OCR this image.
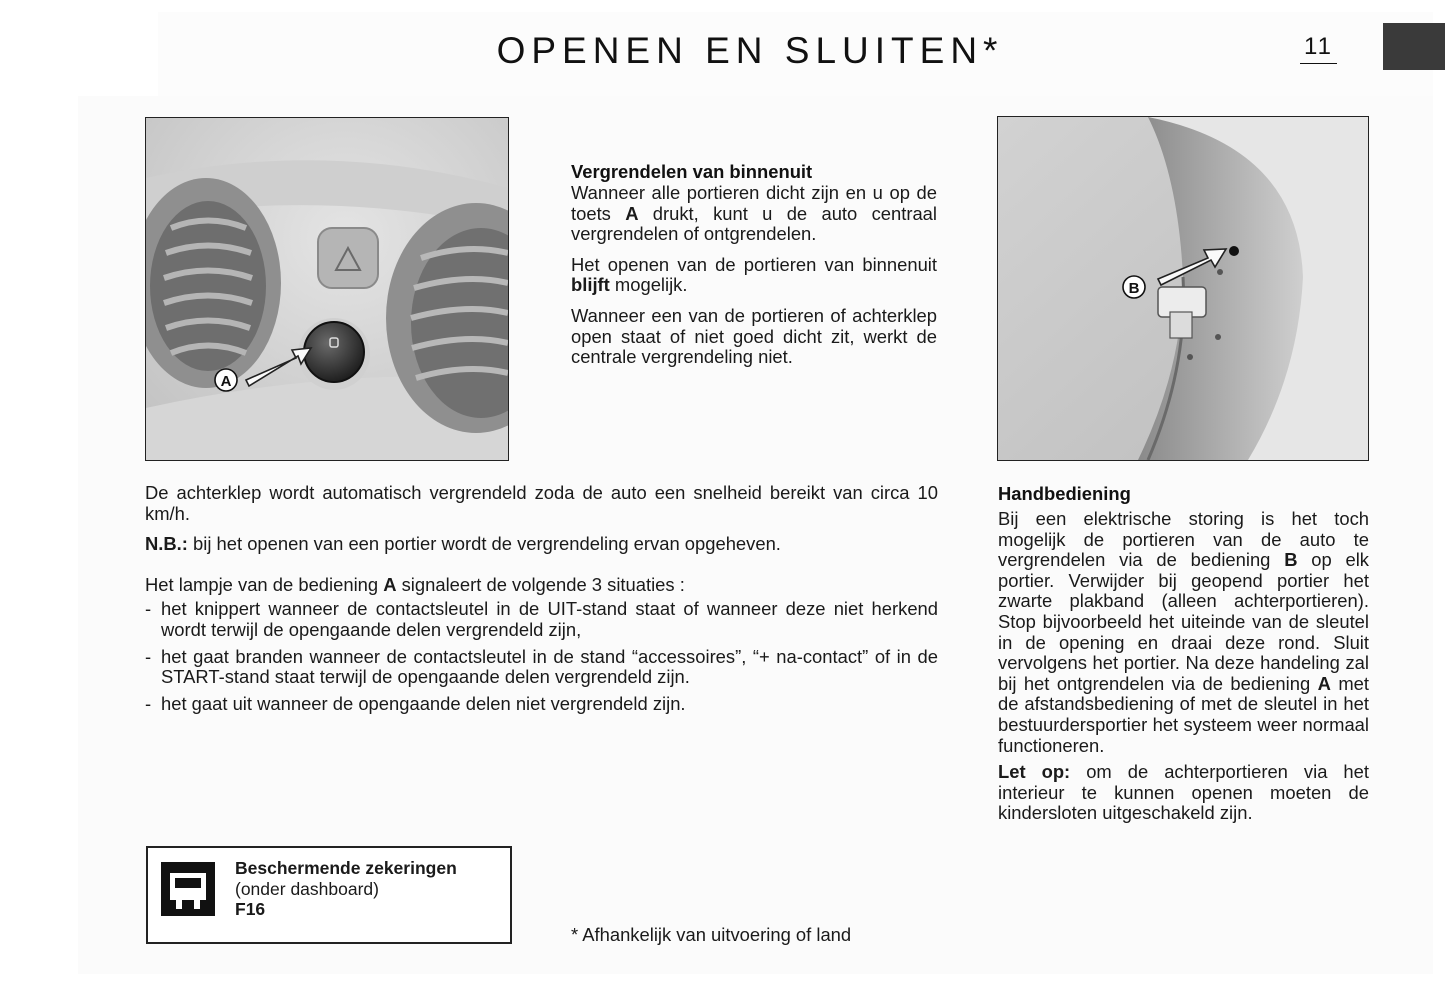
OPENEN EN SLUITEN*	11
A
B
Vergrendelen van binnenuit

Wanneer alle portieren dicht zijn en u op de toets A drukt, kunt u de auto centraal vergrendelen of ontgrendelen.

Het openen van de portieren van binnenuit blijft mogelijk.

Wanneer een van de portieren of achterklep open staat of niet goed dicht zit, werkt de centrale vergrendeling niet.

De achterklep wordt automatisch vergrendeld zoda de auto een snelheid bereikt van circa 10 km/h.

N.B.: bij het openen van een portier wordt de vergrendeling ervan opgeheven.

Het lampje van de bediening A signaleert de volgende 3 situaties :

- het knippert wanneer de contactsleutel in de UIT-stand staat of wanneer deze niet herkend wordt terwijl de opengaande delen vergrendeld zijn,
- het gaat branden wanneer de contactsleutel in de stand “accessoires”, “+ na-contact” of in de START-stand staat terwijl de opengaande delen vergrendeld zijn.
- het gaat uit wanneer de opengaande delen niet vergrendeld zijn.
Handbediening

Bij een elektrische storing is het toch mogelijk de portieren van de auto te vergrendelen via de bediening B op elk portier. Verwijder bij geopend portier het zwarte plakband (alleen achterportieren). Stop bijvoorbeeld het uiteinde van de sleutel in de opening en draai deze rond. Sluit vervolgens het portier. Na deze handeling zal bij het ontgrendelen via de bediening A met de afstandsbediening of met de sleutel in het bestuurdersportier het systeem weer normaal functioneren.

Let op: om de achterportieren via het interieur te kunnen openen moeten de kindersloten uitgeschakeld zijn.

Beschermende zekeringen
(onder dashboard)
F16
* Afhankelijk van uitvoering of land
